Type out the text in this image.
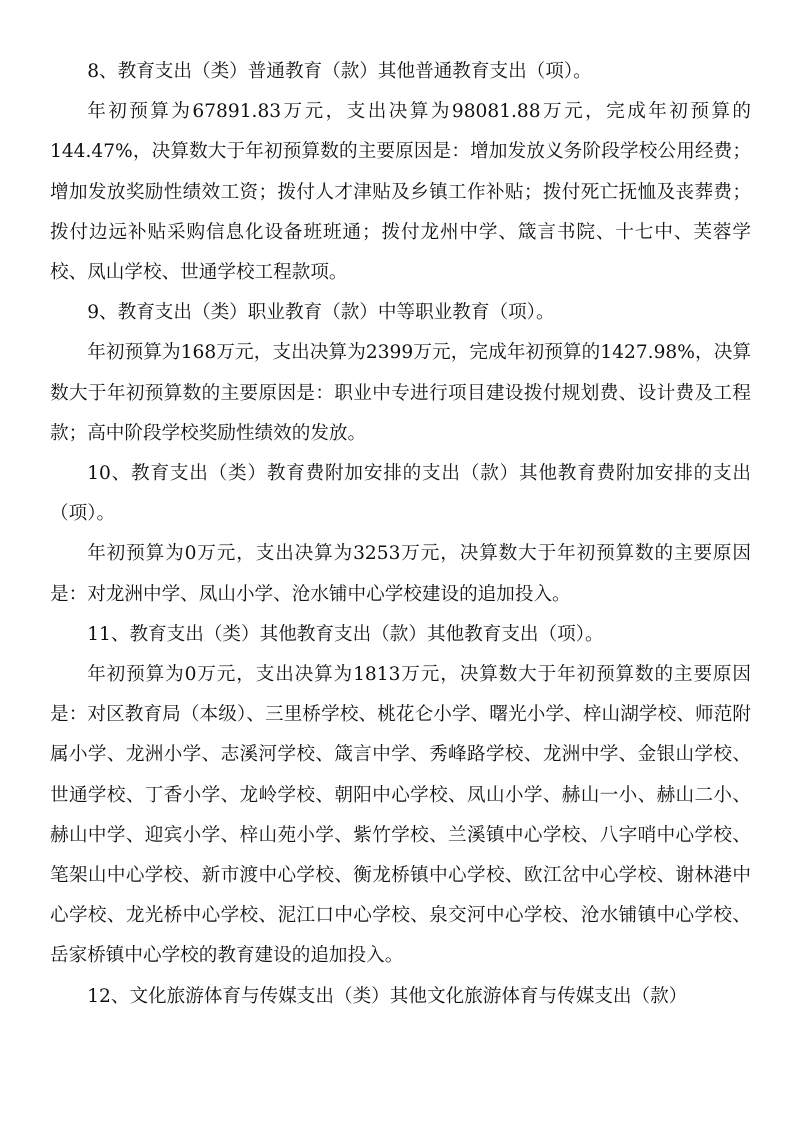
8、教育支出（类）普通教育（款）其他普通教育支出（项）。

年初预算为67891.83万元，支出决算为98081.88万元，完成年初预算的144.47%，决算数大于年初预算数的主要原因是：增加发放义务阶段学校公用经费；增加发放奖励性绩效工资；拨付人才津贴及乡镇工作补贴；拨付死亡抚恤及丧葬费；拨付边远补贴采购信息化设备班班通；拨付龙州中学、箴言书院、十七中、芙蓉学校、凤山学校、世通学校工程款项。

9、教育支出（类）职业教育（款）中等职业教育（项）。

年初预算为168万元，支出决算为2399万元，完成年初预算的1427.98%，决算数大于年初预算数的主要原因是：职业中专进行项目建设拨付规划费、设计费及工程款；高中阶段学校奖励性绩效的发放。

10、教育支出（类）教育费附加安排的支出（款）其他教育费附加安排的支出（项）。

年初预算为0万元，支出决算为3253万元，决算数大于年初预算数的主要原因是：对龙洲中学、凤山小学、沧水铺中心学校建设的追加投入。

11、教育支出（类）其他教育支出（款）其他教育支出（项）。

年初预算为0万元，支出决算为1813万元，决算数大于年初预算数的主要原因是：对区教育局（本级）、三里桥学校、桃花仑小学、曙光小学、梓山湖学校、师范附属小学、龙洲小学、志溪河学校、箴言中学、秀峰路学校、龙洲中学、金银山学校、世通学校、丁香小学、龙岭学校、朝阳中心学校、凤山小学、赫山一小、赫山二小、赫山中学、迎宾小学、梓山苑小学、紫竹学校、兰溪镇中心学校、八字哨中心学校、笔架山中心学校、新市渡中心学校、衡龙桥镇中心学校、欧江岔中心学校、谢林港中心学校、龙光桥中心学校、泥江口中心学校、泉交河中心学校、沧水铺镇中心学校、岳家桥镇中心学校的教育建设的追加投入。

12、文化旅游体育与传媒支出（类）其他文化旅游体育与传媒支出（款）
